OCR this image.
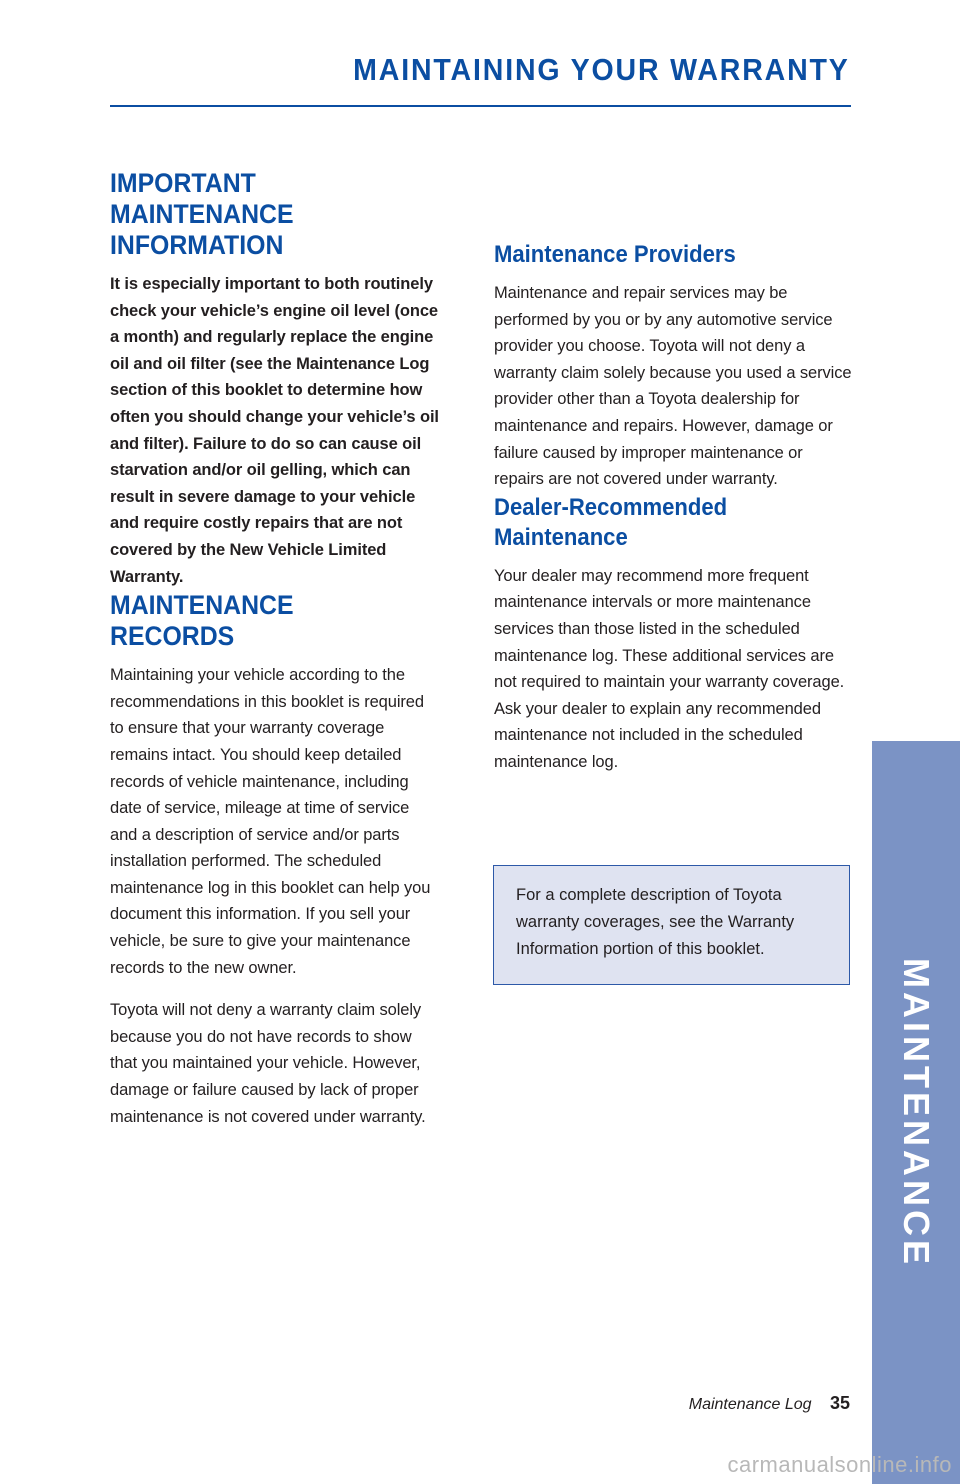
MAINTAINING YOUR WARRANTY
IMPORTANT MAINTENANCE
INFORMATION

It is especially important to both routinely check your vehicle’s engine oil level (once a month) and regularly replace the engine oil and oil filter (see the Maintenance Log section of this booklet to determine how often you should change your vehicle’s oil and filter). Failure to do so can cause oil starvation and/or oil gelling, which can result in severe damage to your vehicle and require costly repairs that are not covered by the New Vehicle Limited Warranty.

MAINTENANCE RECORDS

Maintaining your vehicle according to the recommendations in this booklet is required to ensure that your warranty coverage remains intact. You should keep detailed records of vehicle maintenance, including date of service, mileage at time of service and a description of service and/or parts installation performed. The scheduled maintenance log in this booklet can help you document this information. If you sell your vehicle, be sure to give your maintenance records to the new owner.

Toyota will not deny a warranty claim solely because you do not have records to show that you maintained your vehicle. However, damage or failure caused by lack of proper maintenance is not covered under warranty.

Maintenance Providers

Maintenance and repair services may be performed by you or by any automotive service provider you choose. Toyota will not deny a warranty claim solely because you used a service provider other than a Toyota dealership for maintenance and repairs. However, damage or failure caused by improper maintenance or repairs are not covered under warranty.

Dealer-Recommended
Maintenance

Your dealer may recommend more frequent maintenance intervals or more maintenance services than those listed in the scheduled maintenance log. These additional services are not required to maintain your warranty coverage. Ask your dealer to explain any recommended maintenance not included in the scheduled maintenance log.

For a complete description of Toyota warranty coverages, see the Warranty Information portion of this booklet.

MAINTENANCE
Maintenance Log 35
carmanualsonline.info
